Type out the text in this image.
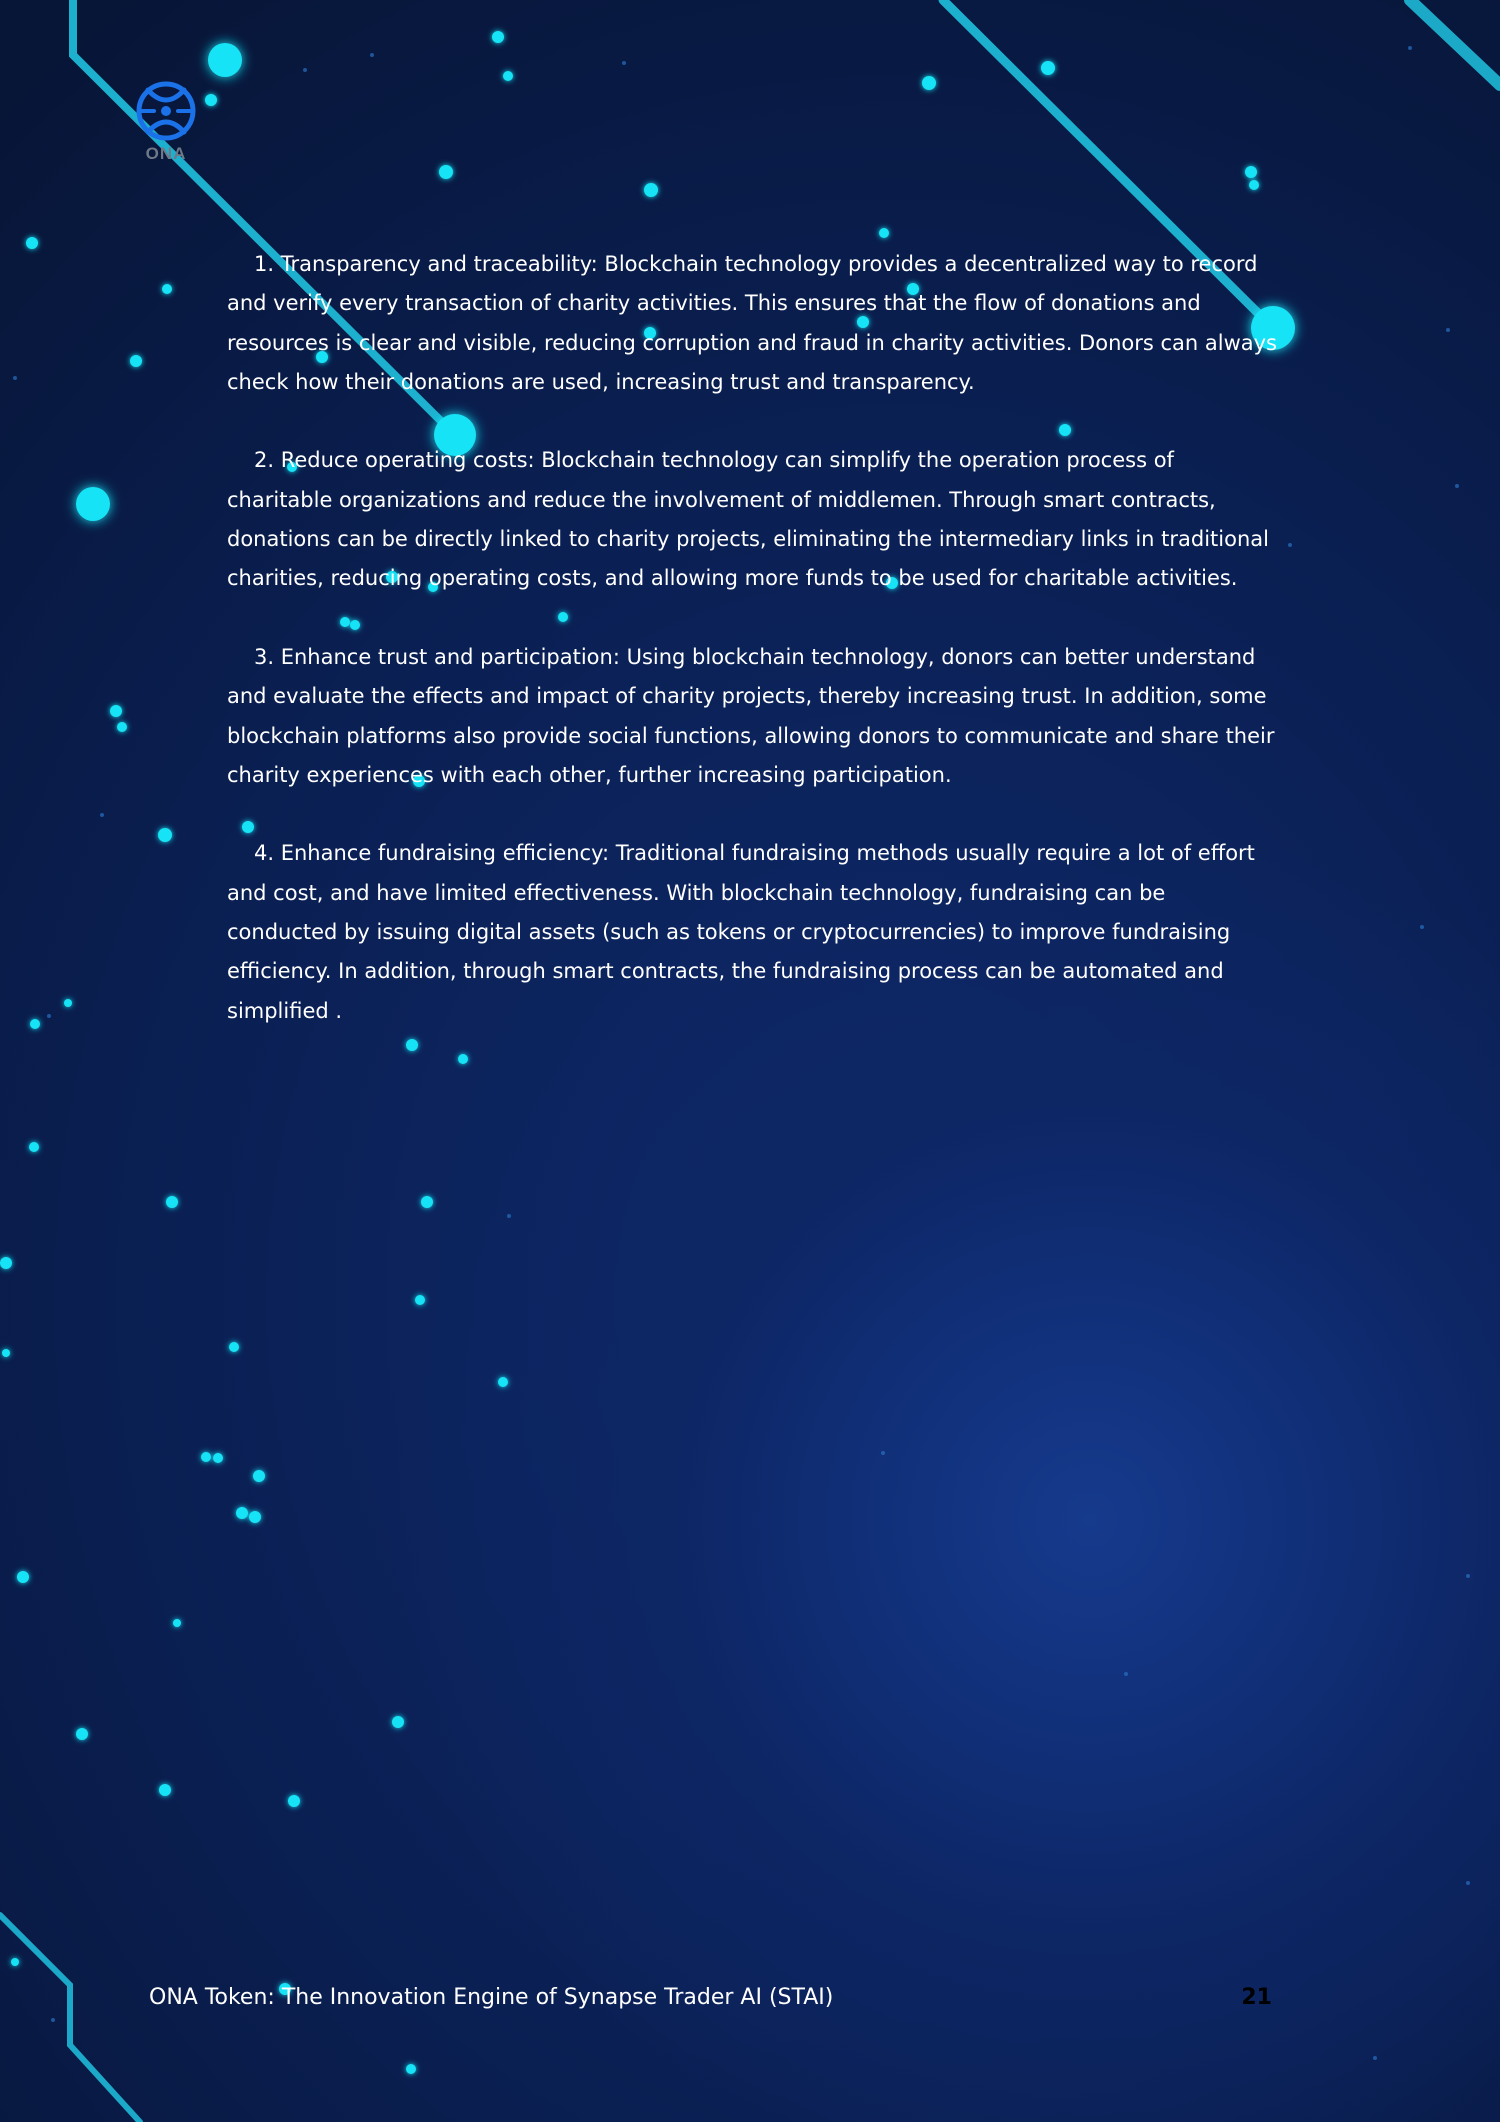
ONA

1. Transparency and traceability: Blockchain technology provides a decentralized way to record and verify every transaction of charity activities. This ensures that the flow of donations and resources is clear and visible, reducing corruption and fraud in charity activities. Donors can always check how their donations are used, increasing trust and transparency.

2. Reduce operating costs: Blockchain technology can simplify the operation process of charitable organizations and reduce the involvement of middlemen. Through smart contracts, donations can be directly linked to charity projects, eliminating the intermediary links in traditional charities, reducing operating costs, and allowing more funds to be used for charitable activities.

3. Enhance trust and participation: Using blockchain technology, donors can better understand and evaluate the effects and impact of charity projects, thereby increasing trust. In addition, some blockchain platforms also provide social functions, allowing donors to communicate and share their charity experiences with each other, further increasing participation.

4. Enhance fundraising efficiency: Traditional fundraising methods usually require a lot of effort and cost, and have limited effectiveness. With blockchain technology, fundraising can be conducted by issuing digital assets (such as tokens or cryptocurrencies) to improve fundraising efficiency. In addition, through smart contracts, the fundraising process can be automated and simplified .

ONA Token: The Innovation Engine of Synapse Trader AI (STAI)	21
